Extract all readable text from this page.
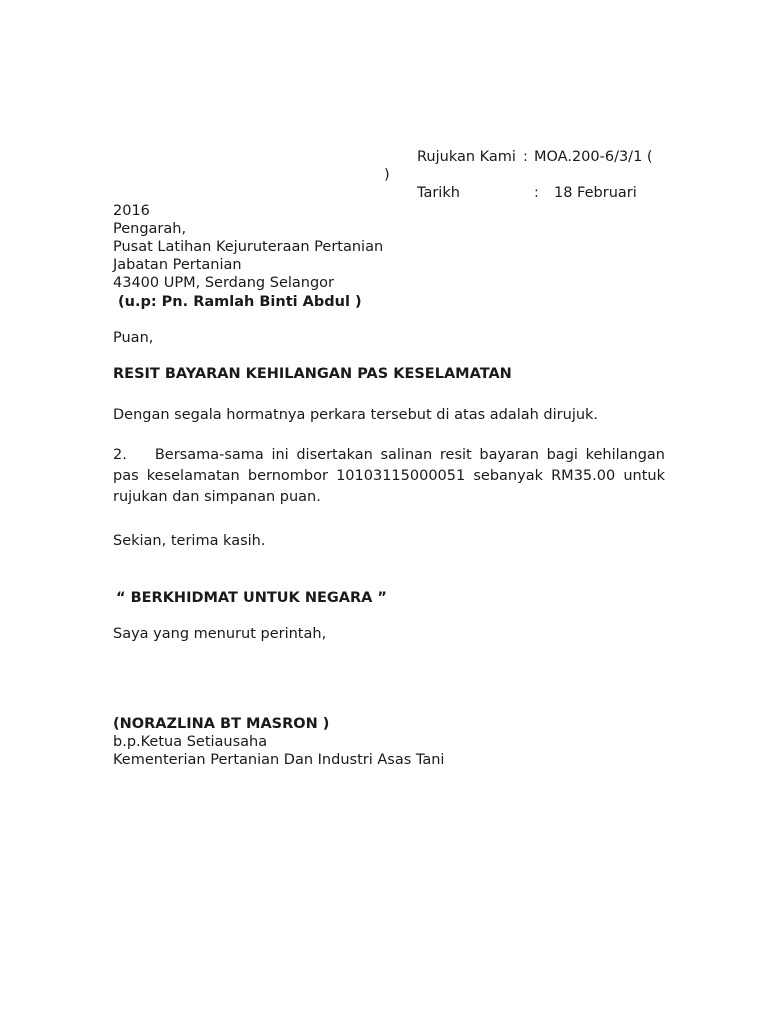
Rujukan Kami : MOA.200-6/3/1 (
)
Tarikh	: 18 Februari
2016
Pengarah,
Pusat Latihan Kejuruteraan Pertanian
Jabatan Pertanian
43400 UPM, Serdang Selangor
(u.p: Pn. Ramlah Binti Abdul )
Puan,
RESIT BAYARAN KEHILANGAN PAS KESELAMATAN
Dengan segala hormatnya perkara tersebut di atas adalah dirujuk.
2. Bersama-sama ini disertakan salinan resit bayaran bagi kehilangan pas keselamatan bernombor 10103115000051 sebanyak RM35.00 untuk rujukan dan simpanan puan.
Sekian, terima kasih.
“ BERKHIDMAT UNTUK NEGARA ”
Saya yang menurut perintah,
(NORAZLINA BT MASRON )
b.p.Ketua Setiausaha
Kementerian Pertanian Dan Industri Asas Tani
